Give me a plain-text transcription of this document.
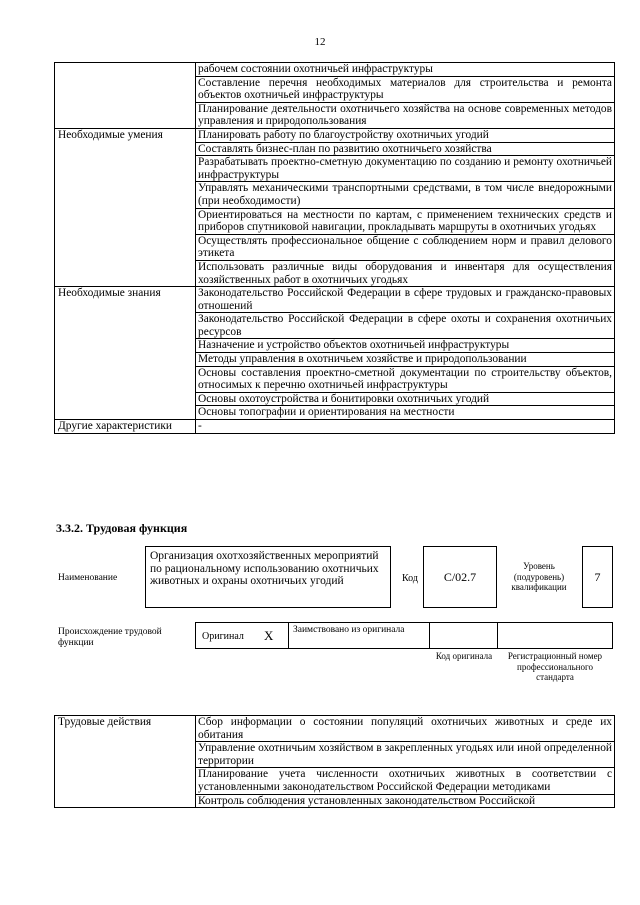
12
	рабочем состоянии охотничьей инфраструктуры
	Составление перечня необходимых материалов для строительства и ремонта объектов охотничьей инфраструктуры
	Планирование деятельности охотничьего хозяйства на основе современных методов управления и природопользования
Необходимые умения	Планировать работу по благоустройству охотничьих угодий
	Составлять бизнес-план по развитию охотничьего хозяйства
	Разрабатывать проектно-сметную документацию по созданию и ремонту охотничьей инфраструктуры
	Управлять механическими транспортными средствами, в том числе внедорожными (при необходимости)
	Ориентироваться на местности по картам, с применением технических средств и приборов спутниковой навигации, прокладывать маршруты в охотничьих угодьях
	Осуществлять профессиональное общение с соблюдением норм и правил делового этикета
	Использовать различные виды оборудования и инвентаря для осуществления хозяйственных работ в охотничьих угодьях
Необходимые знания	Законодательство Российской Федерации в сфере трудовых и гражданско-правовых отношений
	Законодательство Российской Федерации в сфере охоты и сохранения охотничьих ресурсов
	Назначение и устройство объектов охотничьей инфраструктуры
	Методы управления в охотничьем хозяйстве и природопользовании
	Основы составления проектно-сметной документации по строительству объектов, относимых к перечню охотничьей инфраструктуры
	Основы охотоустройства и бонитировки охотничьих угодий
	Основы топографии и ориентирования на местности
Другие характеристики	-
3.3.2. Трудовая функция
Наименование
Организация охотхозяйственных мероприятий по рациональному использованию охотничьих животных и охраны охотничьих угодий	Код	С/02.7
Уровень (подуровень) квалификации
7
Происхождение трудовой функции
Оригинал X Заимствовано из оригинала
Код оригинала	Регистрационный номер профессионального стандарта
Трудовые действия	Сбор информации о состоянии популяций охотничьих животных и среде их обитания
Управление охотничьим хозяйством в закрепленных угодьях или иной определенной территории
Планирование учета численности охотничьих животных в соответствии с установленными законодательством Российской Федерации методиками
Контроль соблюдения установленных законодательством Российской
